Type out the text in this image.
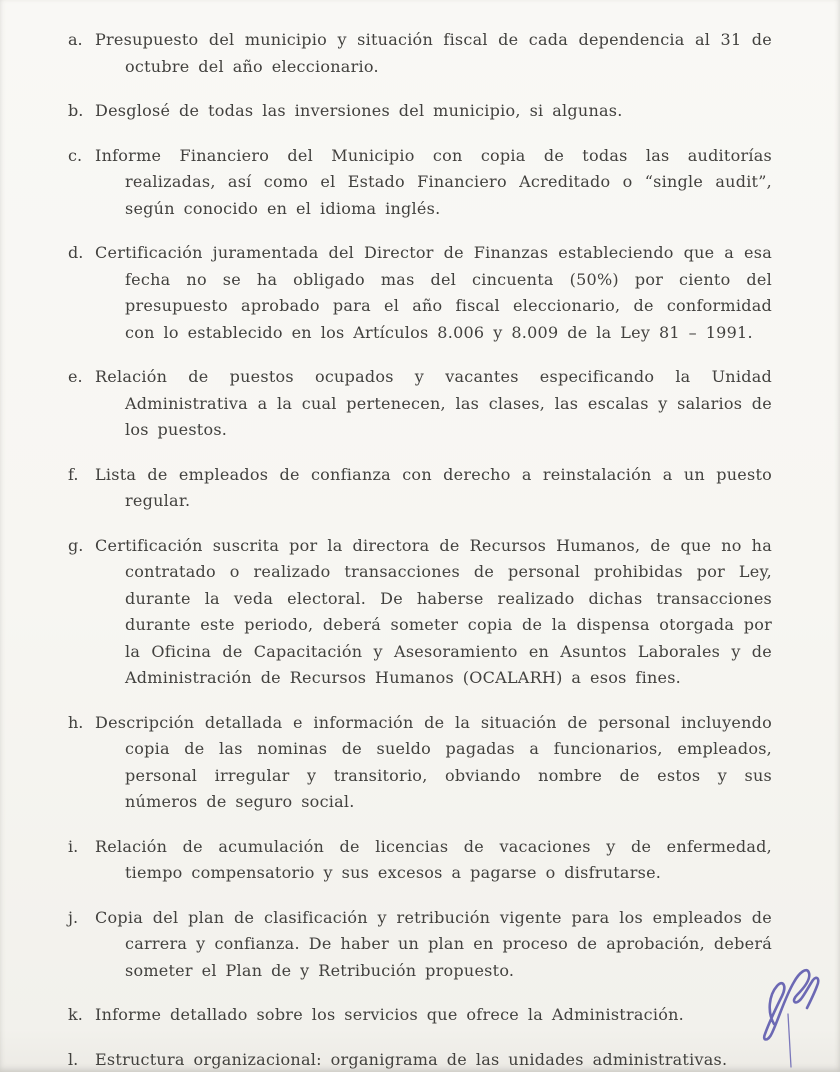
a. Presupuesto del municipio y situación fiscal de cada dependencia al 31 de octubre del año eleccionario.
b. Desglosé de todas las inversiones del municipio, si algunas.
c. Informe Financiero del Municipio con copia de todas las auditorías realizadas, así como el Estado Financiero Acreditado o “single audit”, según conocido en el idioma inglés.
d. Certificación juramentada del Director de Finanzas estableciendo que a esa fecha no se ha obligado mas del cincuenta (50%) por ciento del presupuesto aprobado para el año fiscal eleccionario, de conformidad con lo establecido en los Artículos 8.006 y 8.009 de la Ley 81 – 1991.
e. Relación de puestos ocupados y vacantes especificando la Unidad Administrativa a la cual pertenecen, las clases, las escalas y salarios de los puestos.
f. Lista de empleados de confianza con derecho a reinstalación a un puesto regular.
g. Certificación suscrita por la directora de Recursos Humanos, de que no ha contratado o realizado transacciones de personal prohibidas por Ley, durante la veda electoral. De haberse realizado dichas transacciones durante este periodo, deberá someter copia de la dispensa otorgada por la Oficina de Capacitación y Asesoramiento en Asuntos Laborales y de Administración de Recursos Humanos (OCALARH) a esos fines.
h. Descripción detallada e información de la situación de personal incluyendo copia de las nominas de sueldo pagadas a funcionarios, empleados, personal irregular y transitorio, obviando nombre de estos y sus números de seguro social.
i. Relación de acumulación de licencias de vacaciones y de enfermedad, tiempo compensatorio y sus excesos a pagarse o disfrutarse.
j. Copia del plan de clasificación y retribución vigente para los empleados de carrera y confianza. De haber un plan en proceso de aprobación, deberá someter el Plan de y Retribución propuesto.
k. Informe detallado sobre los servicios que ofrece la Administración.
l. Estructura organizacional: organigrama de las unidades administrativas.
